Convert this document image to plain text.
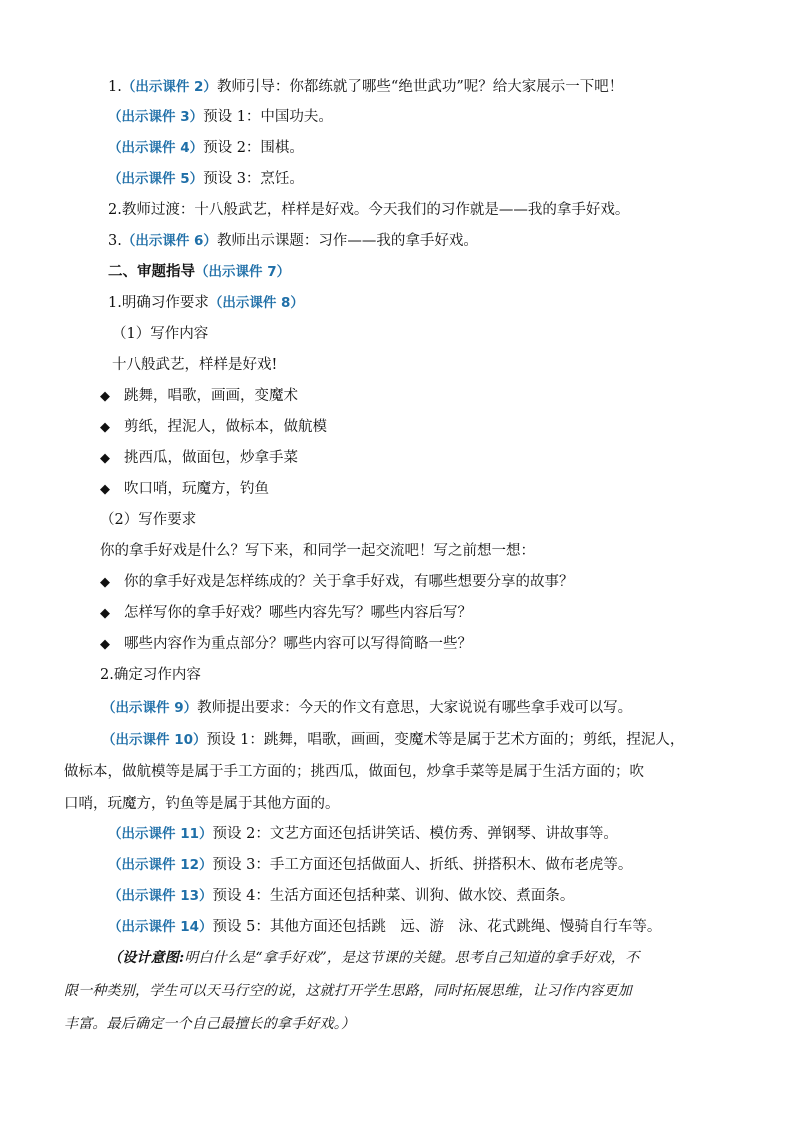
1.（出示课件 2）教师引导：你都练就了哪些“绝世武功”呢？给大家展示一下吧！
（出示课件 3）预设 1：中国功夫。
（出示课件 4）预设 2：围棋。
（出示课件 5）预设 3：烹饪。
2.教师过渡：十八般武艺，样样是好戏。今天我们的习作就是——我的拿手好戏。
3.（出示课件 6）教师出示课题：习作——我的拿手好戏。
二、审题指导（出示课件 7）
1.明确习作要求（出示课件 8）
（1）写作内容
十八般武艺，样样是好戏!
◆ 跳舞，唱歌，画画，变魔术
◆ 剪纸，捏泥人，做标本，做航模
◆ 挑西瓜，做面包，炒拿手菜
◆ 吹口哨，玩魔方，钓鱼
（2）写作要求
你的拿手好戏是什么？写下来，和同学一起交流吧！写之前想一想：
◆ 你的拿手好戏是怎样练成的？关于拿手好戏，有哪些想要分享的故事？
◆ 怎样写你的拿手好戏？哪些内容先写？哪些内容后写？
◆ 哪些内容作为重点部分？哪些内容可以写得简略一些？
2.确定习作内容
（出示课件 9）教师提出要求：今天的作文有意思，大家说说有哪些拿手戏可以写。
（出示课件 10）预设 1：跳舞，唱歌，画画，变魔术等是属于艺术方面的；剪纸，捏泥人，
做标本，做航模等是属于手工方面的；挑西瓜，做面包，炒拿手菜等是属于生活方面的；吹
口哨，玩魔方，钓鱼等是属于其他方面的。
（出示课件 11）预设 2：文艺方面还包括讲笑话、模仿秀、弹钢琴、讲故事等。
（出示课件 12）预设 3：手工方面还包括做面人、折纸、拼搭积木、做布老虎等。
（出示课件 13）预设 4：生活方面还包括种菜、训狗、做水饺、煮面条。
（出示课件 14）预设 5：其他方面还包括跳　远、游　泳、花式跳绳、慢骑自行车等。
（设计意图:明白什么是“拿手好戏”，是这节课的关键。思考自己知道的拿手好戏，不
限一种类别，学生可以天马行空的说，这就打开学生思路，同时拓展思维，让习作内容更加
丰富。最后确定一个自己最擅长的拿手好戏。）
